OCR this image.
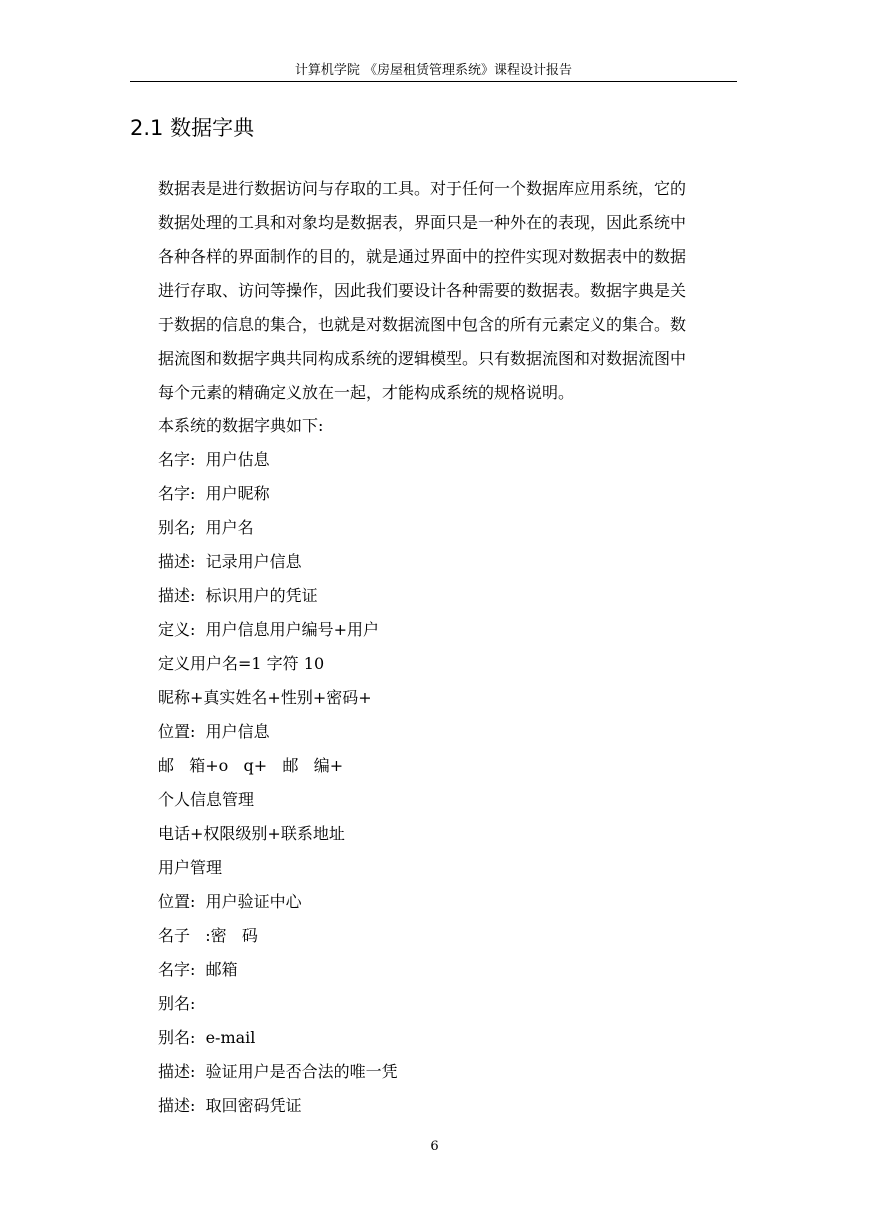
计算机学院 《房屋租赁管理系统》课程设计报告
2.1 数据字典
数据表是进行数据访问与存取的工具。对于任何一个数据库应用系统，它的
数据处理的工具和对象均是数据表，界面只是一种外在的表现，因此系统中
各种各样的界面制作的目的，就是通过界面中的控件实现对数据表中的数据
进行存取、访问等操作，因此我们要设计各种需要的数据表。数据字典是关
于数据的信息的集合，也就是对数据流图中包含的所有元素定义的集合。数
据流图和数据字典共同构成系统的逻辑模型。只有数据流图和对数据流图中
每个元素的精确定义放在一起，才能构成系统的规格说明。
本系统的数据字典如下:
名字:  用户估息
名字:  用户昵称
别名;  用户名
描述:  记录用户信息
描述:  标识用户的凭证
定义:  用户信息用户编号+用户
定义用户名=1 字符 10
昵称+真实姓名+性别+密码+
位置:  用户信息
邮   箱+o   q+   邮   编+
个人信息管理
电话+权限级别+联系地址
用户管理
位置:  用户验证中心
名子   :密   码
名字:  邮箱
别名:
别名:  e-mail
描述:  验证用户是否合法的唯一凭
描述:  取回密码凭证
6
